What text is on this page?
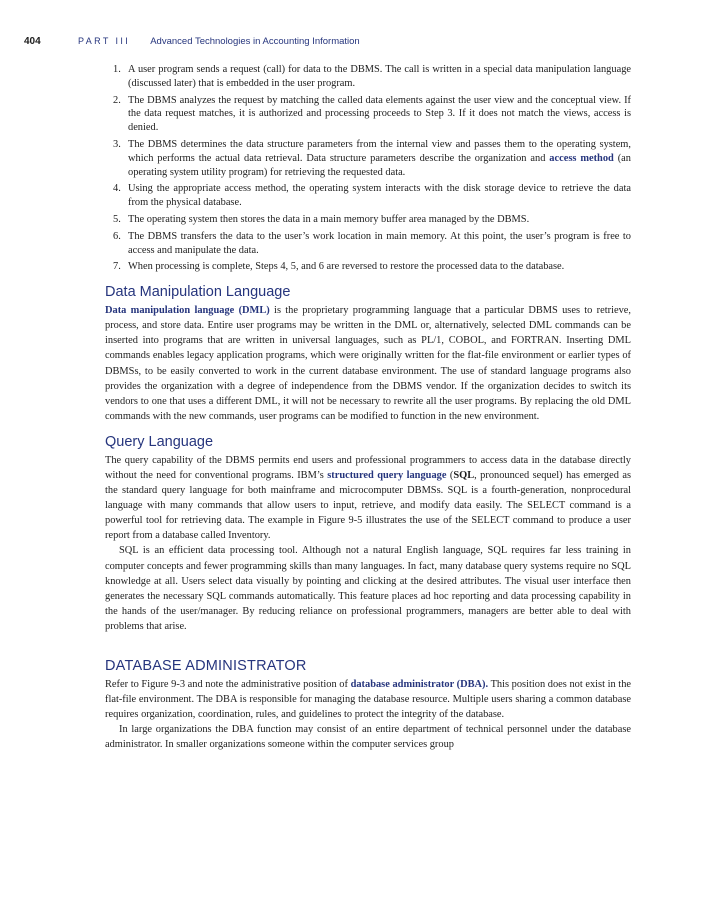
404	PART III Advanced Technologies in Accounting Information
1. A user program sends a request (call) for data to the DBMS. The call is written in a special data manipulation language (discussed later) that is embedded in the user program.
2. The DBMS analyzes the request by matching the called data elements against the user view and the conceptual view. If the data request matches, it is authorized and processing proceeds to Step 3. If it does not match the views, access is denied.
3. The DBMS determines the data structure parameters from the internal view and passes them to the operating system, which performs the actual data retrieval. Data structure parameters describe the organization and access method (an operating system utility program) for retrieving the requested data.
4. Using the appropriate access method, the operating system interacts with the disk storage device to retrieve the data from the physical database.
5. The operating system then stores the data in a main memory buffer area managed by the DBMS.
6. The DBMS transfers the data to the user’s work location in main memory. At this point, the user’s program is free to access and manipulate the data.
7. When processing is complete, Steps 4, 5, and 6 are reversed to restore the processed data to the database.
Data Manipulation Language

Data manipulation language (DML) is the proprietary programming language that a particular DBMS uses to retrieve, process, and store data. Entire user programs may be written in the DML or, alternatively, selected DML commands can be inserted into programs that are written in universal languages, such as PL/1, COBOL, and FORTRAN. Inserting DML commands enables legacy application programs, which were originally written for the flat-file environment or earlier types of DBMSs, to be easily converted to work in the current database environment. The use of standard language programs also provides the organization with a degree of independence from the DBMS vendor. If the organization decides to switch its vendors to one that uses a different DML, it will not be necessary to rewrite all the user programs. By replacing the old DML commands with the new commands, user programs can be modified to function in the new environment.

Query Language

The query capability of the DBMS permits end users and professional programmers to access data in the database directly without the need for conventional programs. IBM’s structured query language (SQL, pronounced sequel) has emerged as the standard query language for both mainframe and microcomputer DBMSs. SQL is a fourth-generation, nonprocedural language with many commands that allow users to input, retrieve, and modify data easily. The SELECT command is a powerful tool for retrieving data. The example in Figure 9-5 illustrates the use of the SELECT command to produce a user report from a database called Inventory.

SQL is an efficient data processing tool. Although not a natural English language, SQL requires far less training in computer concepts and fewer programming skills than many languages. In fact, many database query systems require no SQL knowledge at all. Users select data visually by pointing and clicking at the desired attributes. The visual user interface then generates the necessary SQL commands automatically. This feature places ad hoc reporting and data processing capability in the hands of the user/manager. By reducing reliance on professional programmers, managers are better able to deal with problems that arise.

DATABASE ADMINISTRATOR

Refer to Figure 9-3 and note the administrative position of database administrator (DBA). This position does not exist in the flat-file environment. The DBA is responsible for managing the database resource. Multiple users sharing a common database requires organization, coordination, rules, and guidelines to protect the integrity of the database.

In large organizations the DBA function may consist of an entire department of technical personnel under the database administrator. In smaller organizations someone within the computer services group
